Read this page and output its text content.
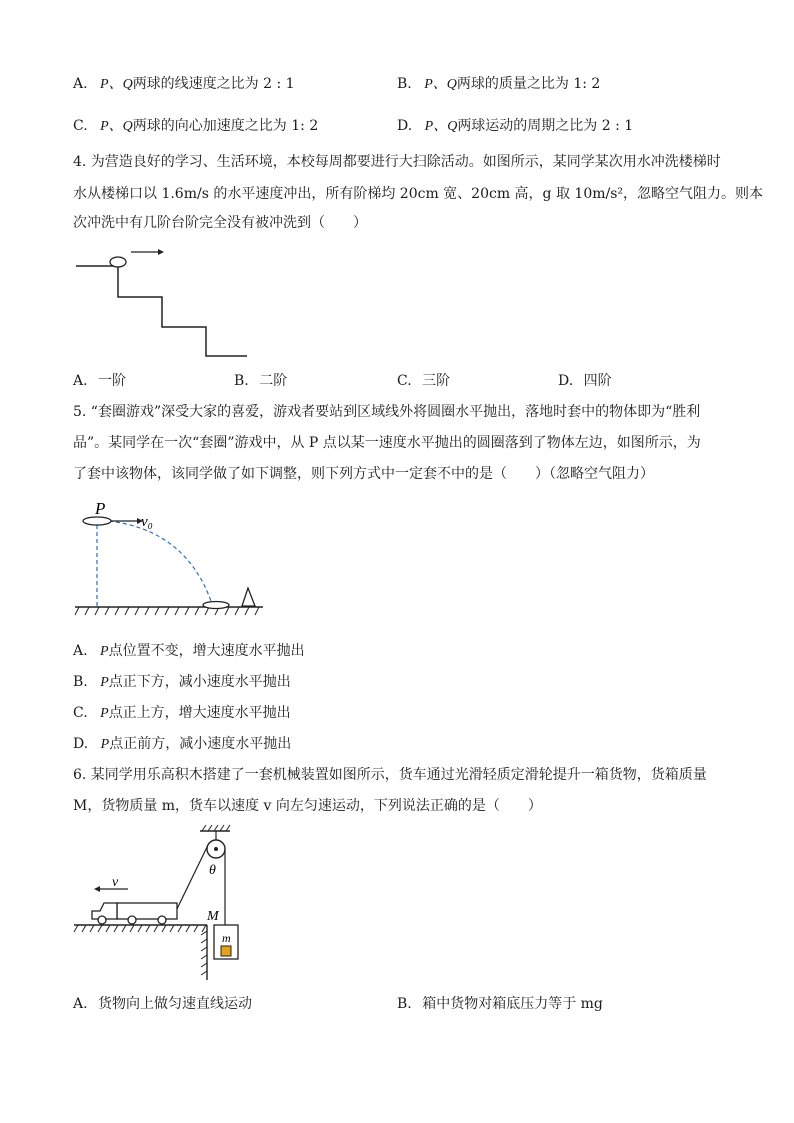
A. P、Q两球的线速度之比为 2 : 1	B. P、Q两球的质量之比为 1: 2
C. P、Q两球的向心加速度之比为 1: 2	D. P、Q两球运动的周期之比为 2 : 1
4. 为营造良好的学习、生活环境，本校每周都要进行大扫除活动。如图所示，某同学某次用水冲洗楼梯时
水从楼梯口以 1.6m/s 的水平速度冲出，所有阶梯均 20cm 宽、20cm 高，g 取 10m/s²，忽略空气阻力。则本
次冲洗中有几阶台阶完全没有被冲洗到（　　）
A. 一阶	B. 二阶	C. 三阶	D. 四阶
5. “套圈游戏”深受大家的喜爱，游戏者要站到区域线外将圆圈水平抛出，落地时套中的物体即为“胜利
品”。某同学在一次“套圈”游戏中，从 P 点以某一速度水平抛出的圆圈落到了物体左边，如图所示，为
了套中该物体，该同学做了如下调整，则下列方式中一定套不中的是（　　）（忽略空气阻力）
P
v₀
A. P点位置不变，增大速度水平抛出
B. P点正下方，减小速度水平抛出
C. P点正上方，增大速度水平抛出
D. P点正前方，减小速度水平抛出
6. 某同学用乐高积木搭建了一套机械装置如图所示，货车通过光滑轻质定滑轮提升一箱货物，货箱质量
M，货物质量 m，货车以速度 v 向左匀速运动，下列说法正确的是（　　）
v
θ
M
m
A. 货物向上做匀速直线运动	B. 箱中货物对箱底压力等于 mg
